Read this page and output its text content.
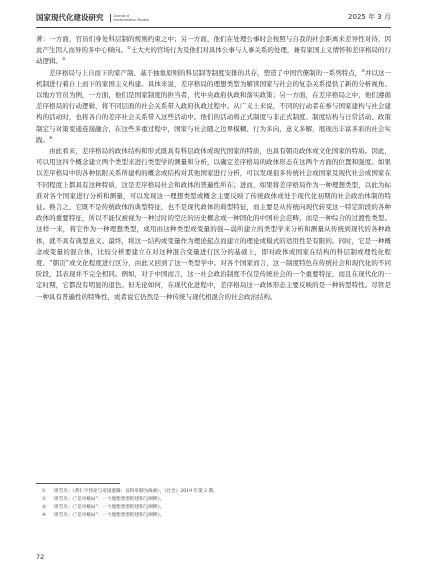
国家现代化建设研究	Journal of
Modernization Studies	2025 年 3 月

著：一方面，官员们身处科层制的规则约束之中；另一方面，他们在处理公事时会按照与自我的社会距离来差异性对待，因此产生因人而异的多中心倾向。①士大夫的官场行为及他们对具体公事与人事关系的处理，兼有家国主义情怀和差序格局的行动逻辑。②

差序格局与上自而下的家产制、基于抽象原则的科层制等制度安排的共存，塑造了中国官僚制的一系列特点，③并以这一机制进行着自上而下的家国主义构建。具体来说，差序格局的理想类型为解读国家与社会的复杂关系提供了新的分析视角。以地方官员为例，一方面，他们是国家制度的担当者，代中央政府执政和落实政策；另一方面，在差序格局之中，他们遵循差序格局的行动逻辑，将不同层面的社会关系带入政府执政过程中。从广义上来说，不同的行动者在参与国家建构与社会建构的活动时，也将各自的差序社会关系带入这些活动中。他们的活动将正式制度与非正式制度、制度结构与日常活动、政策制定与对策变通连接融合，在这些多重过程中，国家与社会随之边界模糊、行为多向、意义多解，展现出丰富多彩的社会实践。④

由此看来，差序格局的政体结构和形式既具有科层政体或现代国家的特质，也具有朝贡政体或文化国家的特质。因此，可以用这四个概念建立两个类型来进行类型学的测量和分析，以确定差序格局的政体形态在这两个方面的位置和强度。如果以差序格局中的各种依附关系所建构的概念或结构对其他国家进行分析，可以发现很多传统社会或国家及现代社会或国家在不同程度上都具有这种特质，这是差序格局社会和政体的普遍性所在；进而，如果将差序格局作为一种理想类型，以此为标准对各个国家进行分析和测量，可以发现这一理想类型或概念主要反映了传统政体或处于现代化初期的社会政治体制的特征。换言之，它既不是传统政体的典型特征，也不是现代政体的典型特征，而主要是从传统向现代转变这一特定阶段的各种政体的重要特征，所以不能仅被视为一种过时的空泛的历史概念或一种固化的中国社会范畴，而是一种综合的过渡性类型。这样一来，将它作为一种理想类型，或用由这种类型或变量的强—弱所建立的类型学来分析和测量从传统到现代的各种政体，就不具有典型意义。最终，将这一结构或变量作为理论起点而建立的理论或模式的适用性是有限的。同时，它是一种概念或变量的混合体，比较分析要建立在对这种混合变量进行区分的基础上，即对政体或国家在结构的科层制或理性化程度、“朝贡”或文化程度进行区分，由此又回到了这一类型学中。对各个国家而言，这一制度特色在传统社会和现代化的不同阶段，其表现并不完全相同。例如，对于中国而言，这一社会政治制度不仅是传统社会的一个重要特征，而且在现代化的一定时期，它都没有明显的退色。但无论如何，在现代化进程中，差序格局这一政体形态主要反映的是一种转型特性。尽管是一种具有普遍性的特殊性，或者说它仍然是一种传统与现代相混合的社会政治结构。

① 周雪光：《黄仁宇悖论与帝国逻辑：以科举制为线索》，《社会》2019 年第 2 期。
② 周雪光：《“差序格局”：一个理想类型的建构与阐释》。
③ 周雪光：《“差序格局”：一个理想类型的建构与阐释》。
④ 周雪光：《“差序格局”：一个理想类型的建构与阐释》。
72
